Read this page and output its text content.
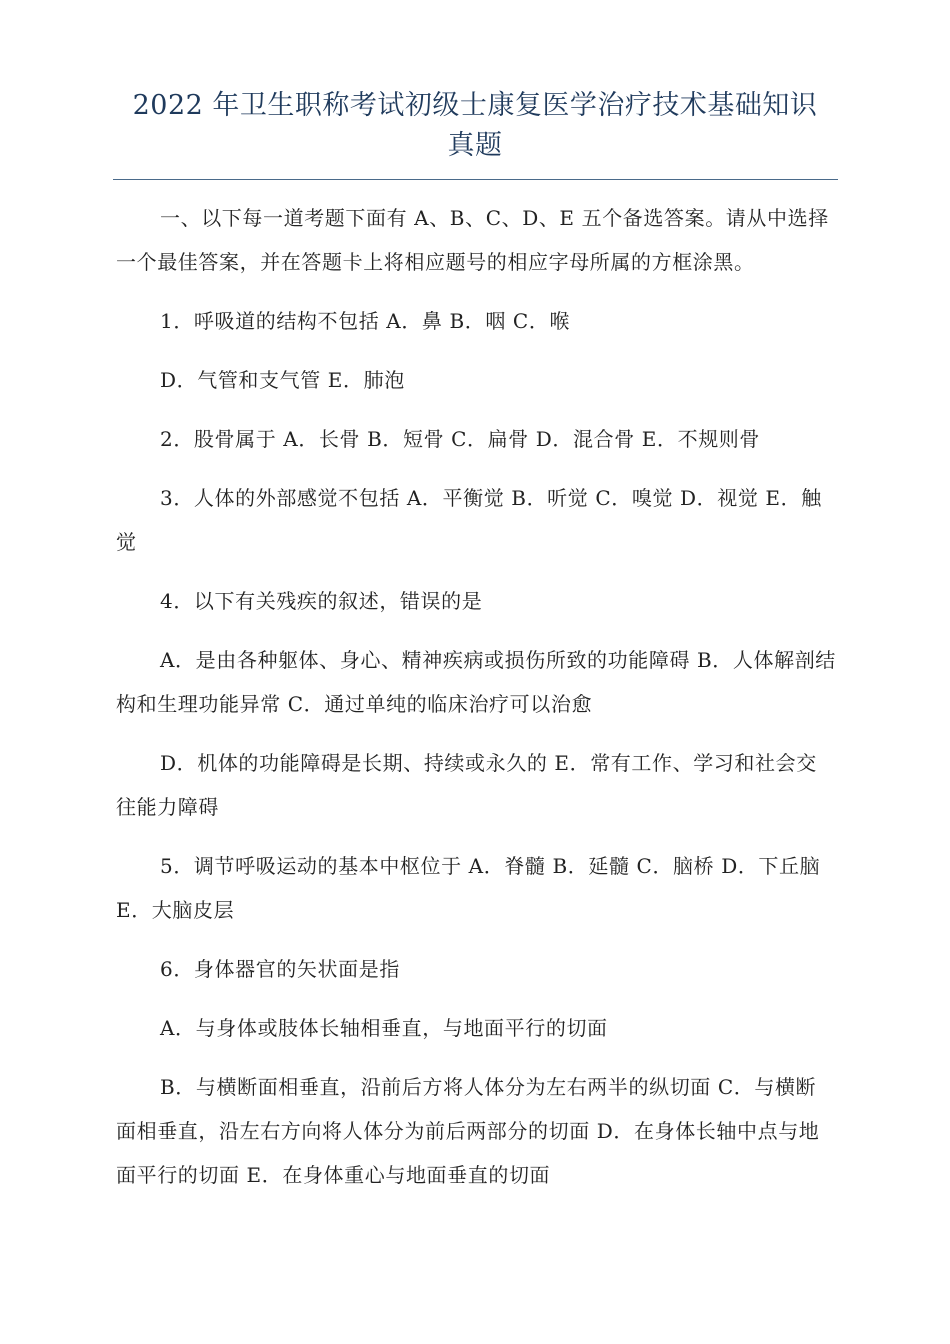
2022 年卫生职称考试初级士康复医学治疗技术基础知识
真题

一、以下每一道考题下面有 A、B、C、D、E 五个备选答案。请从中选择一个最佳答案，并在答题卡上将相应题号的相应字母所属的方框涂黑。

1．呼吸道的结构不包括 A．鼻 B．咽 C．喉

D．气管和支气管 E．肺泡

2．股骨属于 A．长骨 B．短骨 C．扁骨 D．混合骨 E．不规则骨

3．人体的外部感觉不包括 A．平衡觉 B．听觉 C．嗅觉 D．视觉 E．触觉

4．以下有关残疾的叙述，错误的是

A．是由各种躯体、身心、精神疾病或损伤所致的功能障碍 B．人体解剖结构和生理功能异常 C．通过单纯的临床治疗可以治愈

D．机体的功能障碍是长期、持续或永久的 E．常有工作、学习和社会交往能力障碍

5．调节呼吸运动的基本中枢位于 A．脊髓 B．延髓 C．脑桥 D．下丘脑 E．大脑皮层

6．身体器官的矢状面是指

A．与身体或肢体长轴相垂直，与地面平行的切面

B．与横断面相垂直，沿前后方将人体分为左右两半的纵切面 C．与横断面相垂直，沿左右方向将人体分为前后两部分的切面 D．在身体长轴中点与地面平行的切面 E．在身体重心与地面垂直的切面
